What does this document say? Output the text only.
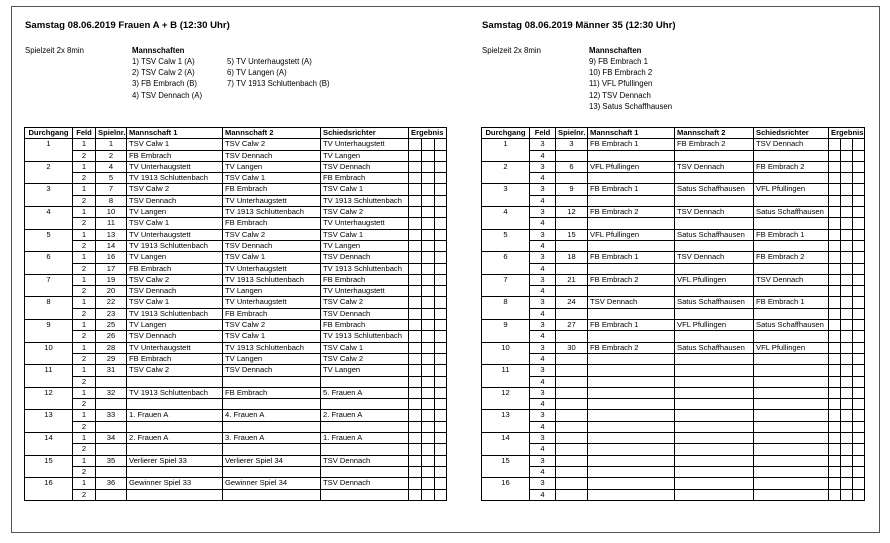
Samstag 08.06.2019 Frauen A + B (12:30 Uhr)
Spielzeit 2x 8min	Mannschaften
1) TSV Calw 1 (A)
2) TSV Calw 2 (A)
3) FB Embrach (B)
4) TSV Dennach (A)
5) TV Unterhaugstett (A)
6) TV Langen (A)
7) TV 1913 Schluttenbach (B)
Durchgang	Feld	Spielnr.	Mannschaft 1	Mannschaft 2	Schiedsrichter	Ergebnis		
1	1	1	TSV Calw 1	TSV Calw 2	TV Unterhaugstett			
	2	2	FB Embrach	TSV Dennach	TV Langen			
2	1	4	TV Unterhaugstett	TV Langen	TSV Dennach			
	2	5	TV 1913 Schluttenbach	TSV Calw 1	FB Embrach			
3	1	7	TSV Calw 2	FB Embrach	TSV Calw 1			
	2	8	TSV Dennach	TV Unterhaugstett	TV 1913 Schluttenbach			
4	1	10	TV Langen	TV 1913 Schluttenbach	TSV Calw 2			
	2	11	TSV Calw 1	FB Embrach	TV Unterhaugstett			
5	1	13	TV Unterhaugstett	TSV Calw 2	TSV Calw 1			
	2	14	TV 1913 Schluttenbach	TSV Dennach	TV Langen			
6	1	16	TV Langen	TSV Calw 1	TSV Dennach			
	2	17	FB Embrach	TV Unterhaugstett	TV 1913 Schluttenbach			
7	1	19	TSV Calw 2	TV 1913 Schluttenbach	FB Embrach			
	2	20	TSV Dennach	TV Langen	TV Unterhaugstett			
8	1	22	TSV Calw 1	TV Unterhaugstett	TSV Calw 2			
	2	23	TV 1913 Schluttenbach	FB Embrach	TSV Dennach			
9	1	25	TV Langen	TSV Calw 2	FB Embrach			
	2	26	TSV Dennach	TSV Calw 1	TV 1913 Schluttenbach			
10	1	28	TV Unterhaugstett	TV 1913 Schluttenbach	TSV Calw 1			
	2	29	FB Embrach	TV Langen	TSV Calw 2			
11	1	31	TSV Calw 2	TSV Dennach	TV Langen			
	2							
12	1	32	TV 1913 Schluttenbach	FB Embrach	5. Frauen A			
	2							
13	1	33	1. Frauen A	4. Frauen A	2. Frauen A			
	2							
14	1	34	2. Frauen A	3. Frauen A	1. Frauen A			
	2							
15	1	35	Verlierer Spiel 33	Verlierer Spiel 34	TSV Dennach			
	2							
16	1	36	Gewinner Spiel 33	Gewinner Spiel 34	TSV Dennach			
	2							
Samstag 08.06.2019 Männer 35 (12:30 Uhr)
Spielzeit 2x 8min	Mannschaften
9) FB Embrach 1
10) FB Embrach 2
11) VFL Pfullingen
12) TSV Dennach
13) Satus Schaffhausen
Durchgang	Feld	Spielnr.	Mannschaft 1	Mannschaft 2	Schiedsrichter	Ergebnis		
1	3	3	FB Embrach 1	FB Embrach 2	TSV Dennach			
	4							
2	3	6	VFL Pfullingen	TSV Dennach	FB Embrach 2			
	4							
3	3	9	FB Embrach 1	Satus Schaffhausen	VFL Pfullingen			
	4							
4	3	12	FB Embrach 2	TSV Dennach	Satus Schaffhausen			
	4							
5	3	15	VFL Pfullingen	Satus Schaffhausen	FB Embrach 1			
	4							
6	3	18	FB Embrach 1	TSV Dennach	FB Embrach 2			
	4							
7	3	21	FB Embrach 2	VFL Pfullingen	TSV Dennach			
	4							
8	3	24	TSV Dennach	Satus Schaffhausen	FB Embrach 1			
	4							
9	3	27	FB Embrach 1	VFL Pfullingen	Satus Schaffhausen			
	4							
10	3	30	FB Embrach 2	Satus Schaffhausen	VFL Pfullingen			
	4							
11	3							
	4							
12	3							
	4							
13	3							
	4							
14	3							
	4							
15	3							
	4							
16	3							
	4							
